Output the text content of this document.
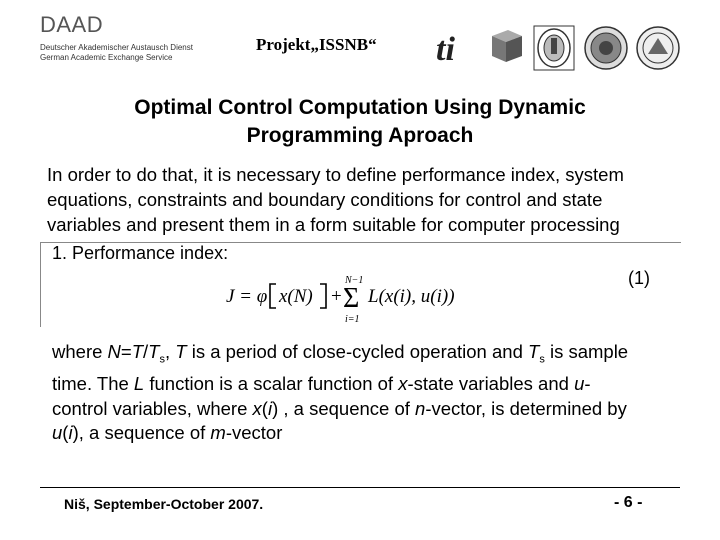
DAAD
Deutscher Akademischer Austausch Dienst
German Academic Exchange Service
Projekt„ISSNB“ ti
Optimal Control Computation Using Dynamic
Programming Aproach
In order to do that, it is necessary to define performance index, system
equations, constraints and boundary conditions for control and state
variables and present them in a form suitable for computer processing
1. Performance index:
(1)
J = φ x(N) +
N−1
Σ
i=1
L(x(i), u(i))
where $N=T/T_s$, T is a period of close-cycled operation and $T_s$ is sample
time. The L function is a scalar function of x-state variables and u-
control variables, where x(i) , a sequence of n-vector, is determined by
u(i), a sequence of m-vector
Niš, September-October 2007.	- 6 -
